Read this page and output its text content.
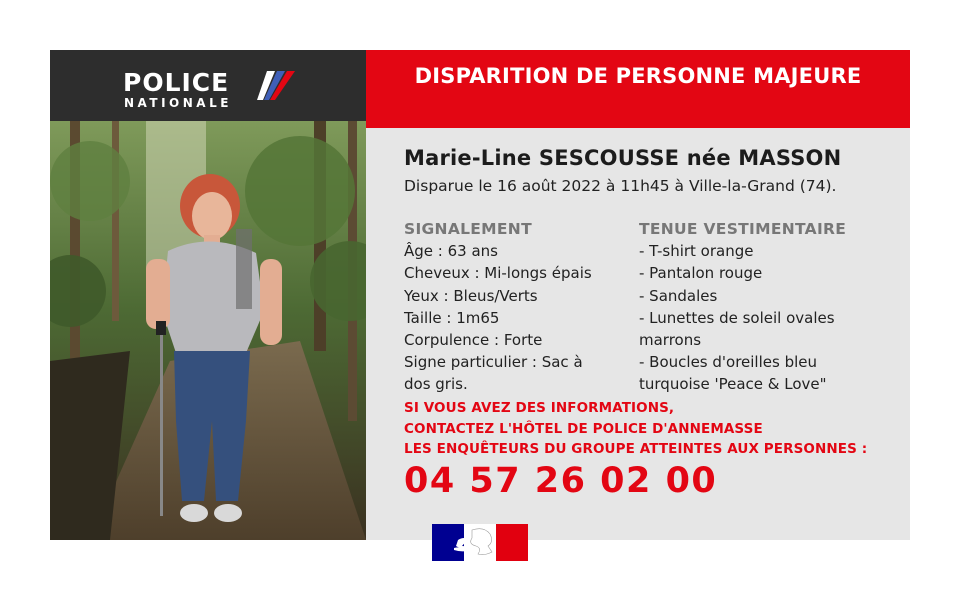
POLICE
NATIONALE
DISPARITION DE PERSONNE MAJEURE
Marie-Line SESCOUSSE née MASSON
Disparue le 16 août 2022 à 11h45 à Ville-la-Grand (74).
SIGNALEMENT
Âge : 63 ans
Cheveux : Mi-longs épais
Yeux : Bleus/Verts
Taille : 1m65
Corpulence : Forte
Signe particulier : Sac à
dos gris.
TENUE VESTIMENTAIRE
- T-shirt orange
- Pantalon rouge
- Sandales
- Lunettes de soleil ovales
marrons
- Boucles d'oreilles bleu
turquoise 'Peace & Love"
SI VOUS AVEZ DES INFORMATIONS,
CONTACTEZ L'HÔTEL DE POLICE D'ANNEMASSE
LES ENQUÊTEURS DU GROUPE ATTEINTES AUX PERSONNES :
04 57 26 02 00
